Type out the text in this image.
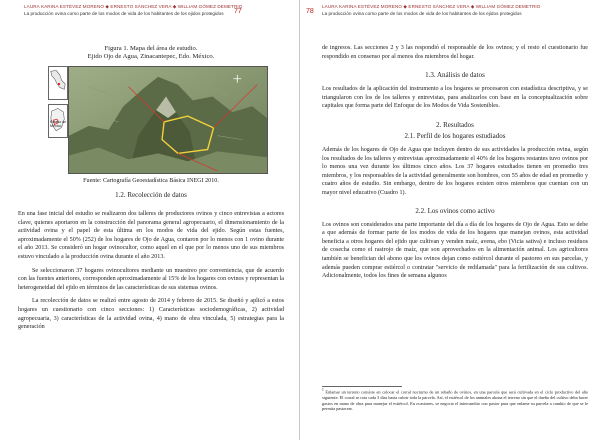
LAURA KARINA ESTÉVEZ MORENO ◆ ERNESTO SÁNCHEZ VERA ◆ WILLIAM GÓMEZ DEMETRIO
La producción ovina como parte de los modos de vida de los habitantes de los ejidos protegidos	77
Figura 1. Mapa del área de estudio.
Ejido Ojo de Agua, Zinacantepec, Edo. México.
Estado de México
Fuente: Cartografía Geoestadística Básica INEGI 2010.
1.2. Recolección de datos

En una fase inicial del estudio se realizaron dos talleres de productores ovinos y cinco entrevistas a actores clave, quienes aportaron en la construcción del panorama general agropecuario, el dimensionamiento de la actividad ovina y el papel de esta última en los modos de vida del ejido. Según estas fuentes, aproximadamente el 50% (252) de los hogares de Ojo de Agua, contaron por lo menos con 1 ovino durante el año 2013. Se consideró un hogar ovinocultor, como aquel en el que por lo menos uno de sus miembros estuvo vinculado a la producción ovina durante el año 2013.

Se seleccionaron 37 hogares ovinocultores mediante un muestreo por conveniencia, que de acuerdo con las fuentes anteriores, corresponden aproximadamente al 15% de los hogares con ovinos y representan la heterogeneidad del ejido en términos de las características de sus sistemas ovinos.

La recolección de datos se realizó entre agosto de 2014 y febrero de 2015. Se diseñó y aplicó a estos hogares un cuestionario con cinco secciones: 1) Características sociodemográficas, 2) actividad agropecuaria, 3) características de la actividad ovina, 4) mano de obra vinculada, 5) estrategias para la generación

78
LAURA KARINA ESTÉVEZ MORENO ◆ ERNESTO SÁNCHEZ VERA ◆ WILLIAM GÓMEZ DEMETRIO
La producción ovina como parte de los modos de vida de los habitantes de los ejidos protegidos

de ingresos. Las secciones 2 y 3 las respondió el responsable de los ovinos; y el resto el cuestionario fue respondido en consenso por al menos dos miembros del hogar.

1.3. Análisis de datos

Los resultados de la aplicación del instrumento a los hogares se procesaron con estadística descriptiva, y se triangularon con los de los talleres y entrevistas, para analizarlos con base en la conceptualización sobre capitales que forma parte del Enfoque de los Modos de Vida Sostenibles.

2. Resultados
2.1. Perfil de los hogares estudiados

Además de los hogares de Ojo de Agua que incluyen dentro de sus actividades la producción ovina, según los resultados de los talleres y entrevistas aproximadamente el 40% de los hogares restantes tuvo ovinos por lo menos una vez durante los últimos cinco años. Los 37 hogares estudiados tienen en promedio tres miembros, y los responsables de la actividad generalmente son hombres, con 55 años de edad en promedio y cuatro años de estudio. Sin embargo, dentro de los hogares existen otros miembros que cuentan con un mayor nivel educativo (Cuadro 1).

2.2. Los ovinos como activo

Los ovinos son considerados una parte importante del día a día de los hogares de Ojo de Agua. Esto se debe a que además de formar parte de los modos de vida de los hogares que manejan ovinos, esta actividad beneficia a otros hogares del ejido que cultivan y venden maíz, avena, ebo (Vicia sativa) e incluso residuos de cosecha como el rastrojo de maíz, que son aprovechados en la alimentación animal. Los agricultores también se benefician del abono que los ovinos dejan como estiércol durante el pastoreo en sus parcelas, y además pueden comprar estiércol o contratar "servicio de redilamada" para la fertilización de sus cultivos. Adicionalmente, todos los fines de semana algunos

$^1$ Enlamar un terreno consiste en colocar el corral nocturno de un rebaño de ovinos, en una parcela que será cultivada en el ciclo productivo del año siguiente. El corral se rota cada 3 días hasta cubrir toda la parcela. Así, el estiércol de los animales abona el terreno sin que el dueño del cultivo deba hacer gastos en mano de obra para manejar el estiércol. En ocasiones, se negocia el intercambio con pastor para que enlame su parcela a cambio de que se le permita pastorear.
